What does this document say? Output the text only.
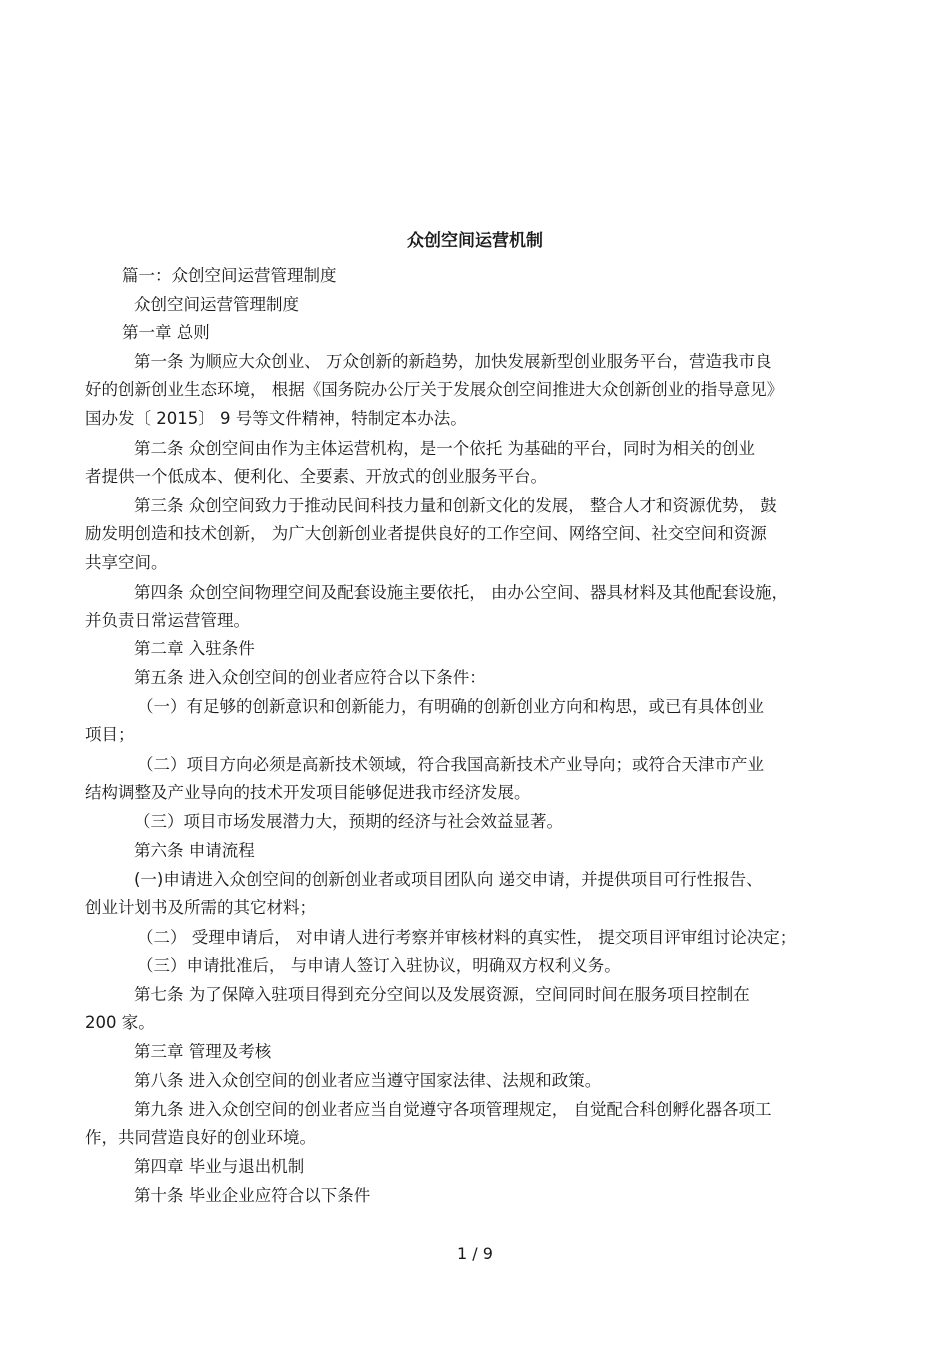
众创空间运营机制

篇一：众创空间运营管理制度

众创空间运营管理制度

第一章 总则

第一条 为顺应大众创业、 万众创新的新趋势，加快发展新型创业服务平台，营造我市良

好的创新创业生态环境， 根据《国务院办公厅关于发展众创空间推进大众创新创业的指导意见》

国办发〔 2015〕 9 号等文件精神，特制定本办法。

第二条 众创空间由作为主体运营机构，是一个依托 为基础的平台，同时为相关的创业

者提供一个低成本、便利化、全要素、开放式的创业服务平台。

第三条 众创空间致力于推动民间科技力量和创新文化的发展， 整合人才和资源优势， 鼓

励发明创造和技术创新， 为广大创新创业者提供良好的工作空间、网络空间、社交空间和资源

共享空间。

第四条 众创空间物理空间及配套设施主要依托， 由办公空间、器具材料及其他配套设施，

并负责日常运营管理。

第二章 入驻条件

第五条 进入众创空间的创业者应符合以下条件：

（一）有足够的创新意识和创新能力，有明确的创新创业方向和构思，或已有具体创业

项目；

（二）项目方向必须是高新技术领域，符合我国高新技术产业导向；或符合天津市产业

结构调整及产业导向的技术开发项目能够促进我市经济发展。

（三）项目市场发展潜力大，预期的经济与社会效益显著。

第六条 申请流程

(一)申请进入众创空间的创新创业者或项目团队向 递交申请，并提供项目可行性报告、

创业计划书及所需的其它材料；

（二） 受理申请后， 对申请人进行考察并审核材料的真实性， 提交项目评审组讨论决定；

（三）申请批准后， 与申请人签订入驻协议，明确双方权利义务。

第七条 为了保障入驻项目得到充分空间以及发展资源，空间同时间在服务项目控制在

200 家。

第三章 管理及考核

第八条 进入众创空间的创业者应当遵守国家法律、法规和政策。

第九条 进入众创空间的创业者应当自觉遵守各项管理规定， 自觉配合科创孵化器各项工

作，共同营造良好的创业环境。

第四章 毕业与退出机制

第十条 毕业企业应符合以下条件

1 / 9
